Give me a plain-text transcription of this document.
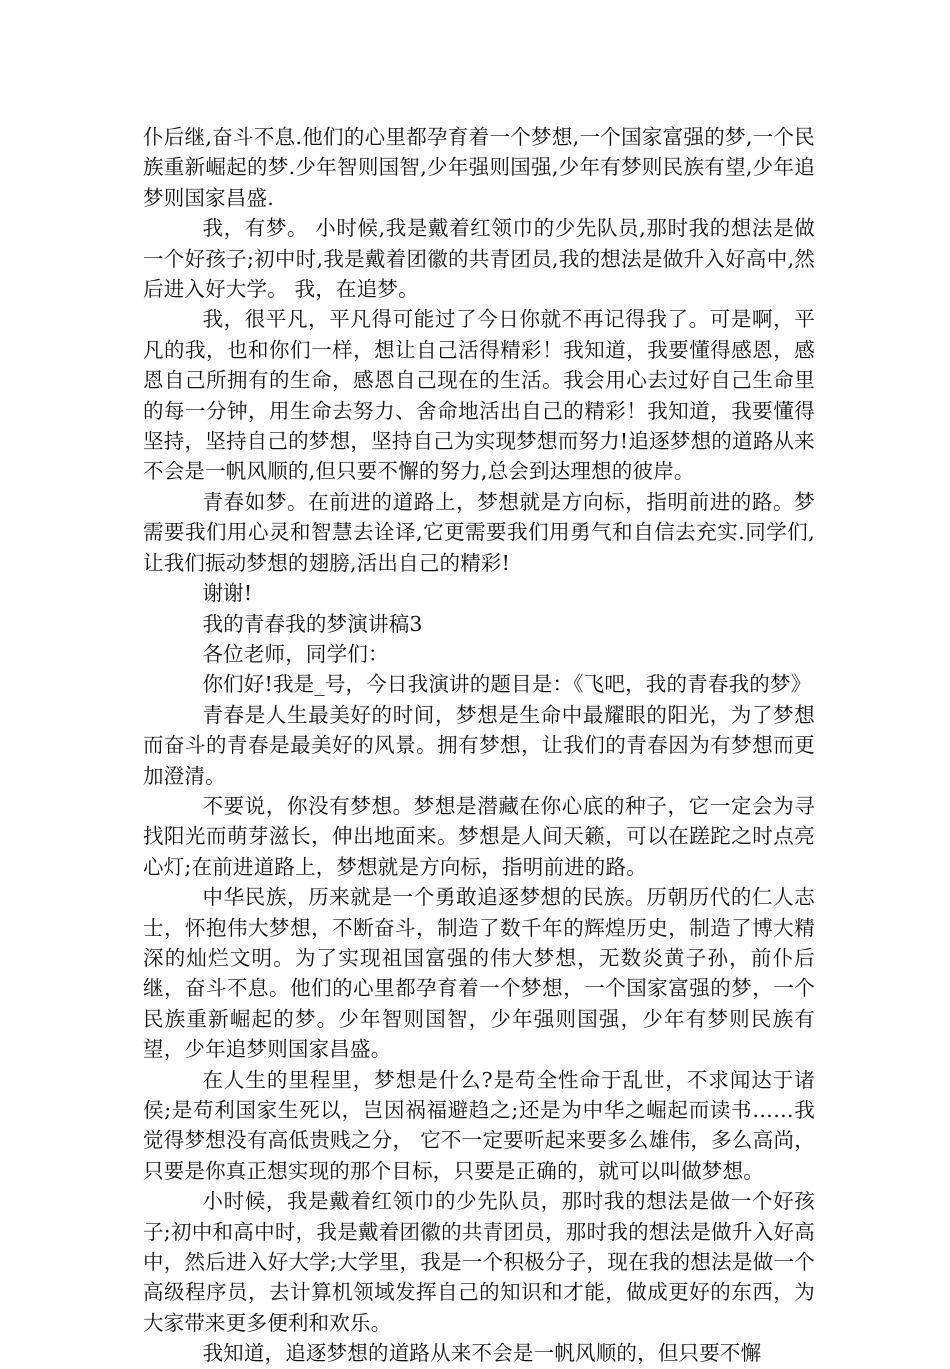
仆后继,奋斗不息.他们的心里都孕育着一个梦想,一个国家富强的梦,一个民族重新崛起的梦.少年智则国智,少年强则国强,少年有梦则民族有望,少年追梦则国家昌盛.

我，有梦。 小时候,我是戴着红领巾的少先队员,那时我的想法是做一个好孩子;初中时,我是戴着团徽的共青团员,我的想法是做升入好高中,然后进入好大学。 我，在追梦。

我，很平凡，平凡得可能过了今日你就不再记得我了。可是啊，平凡的我，也和你们一样，想让自己活得精彩！我知道，我要懂得感恩，感恩自己所拥有的生命，感恩自己现在的生活。我会用心去过好自己生命里的每一分钟，用生命去努力、舍命地活出自己的精彩！我知道，我要懂得坚持，坚持自己的梦想，坚持自己为实现梦想而努力!追逐梦想的道路从来不会是一帆风顺的,但只要不懈的努力,总会到达理想的彼岸。

青春如梦。在前进的道路上，梦想就是方向标，指明前进的路。梦需要我们用心灵和智慧去诠译,它更需要我们用勇气和自信去充实.同学们,让我们振动梦想的翅膀,活出自己的精彩!

谢谢!

我的青春我的梦演讲稿3

各位老师，同学们：

你们好!我是_号，今日我演讲的题目是：《飞吧，我的青春我的梦》

青春是人生最美好的时间，梦想是生命中最耀眼的阳光，为了梦想而奋斗的青春是最美好的风景。拥有梦想，让我们的青春因为有梦想而更加澄清。

不要说，你没有梦想。梦想是潜藏在你心底的种子，它一定会为寻找阳光而萌芽滋长，伸出地面来。梦想是人间天籁，可以在蹉跎之时点亮心灯;在前进道路上，梦想就是方向标，指明前进的路。

中华民族，历来就是一个勇敢追逐梦想的民族。历朝历代的仁人志士，怀抱伟大梦想，不断奋斗，制造了数千年的辉煌历史，制造了博大精深的灿烂文明。为了实现祖国富强的伟大梦想，无数炎黄子孙，前仆后继，奋斗不息。他们的心里都孕育着一个梦想，一个国家富强的梦，一个民族重新崛起的梦。少年智则国智，少年强则国强，少年有梦则民族有望，少年追梦则国家昌盛。

在人生的里程里，梦想是什么?是苟全性命于乱世，不求闻达于诸侯;是苟利国家生死以，岂因祸福避趋之;还是为中华之崛起而读书……我觉得梦想没有高低贵贱之分， 它不一定要听起来要多么雄伟，多么高尚，只要是你真正想实现的那个目标，只要是正确的，就可以叫做梦想。

小时候，我是戴着红领巾的少先队员，那时我的想法是做一个好孩子;初中和高中时，我是戴着团徽的共青团员，那时我的想法是做升入好高中，然后进入好大学;大学里，我是一个积极分子，现在我的想法是做一个高级程序员，去计算机领域发挥自己的知识和才能，做成更好的东西，为大家带来更多便利和欢乐。

我知道，追逐梦想的道路从来不会是一帆风顺的，但只要不懈
